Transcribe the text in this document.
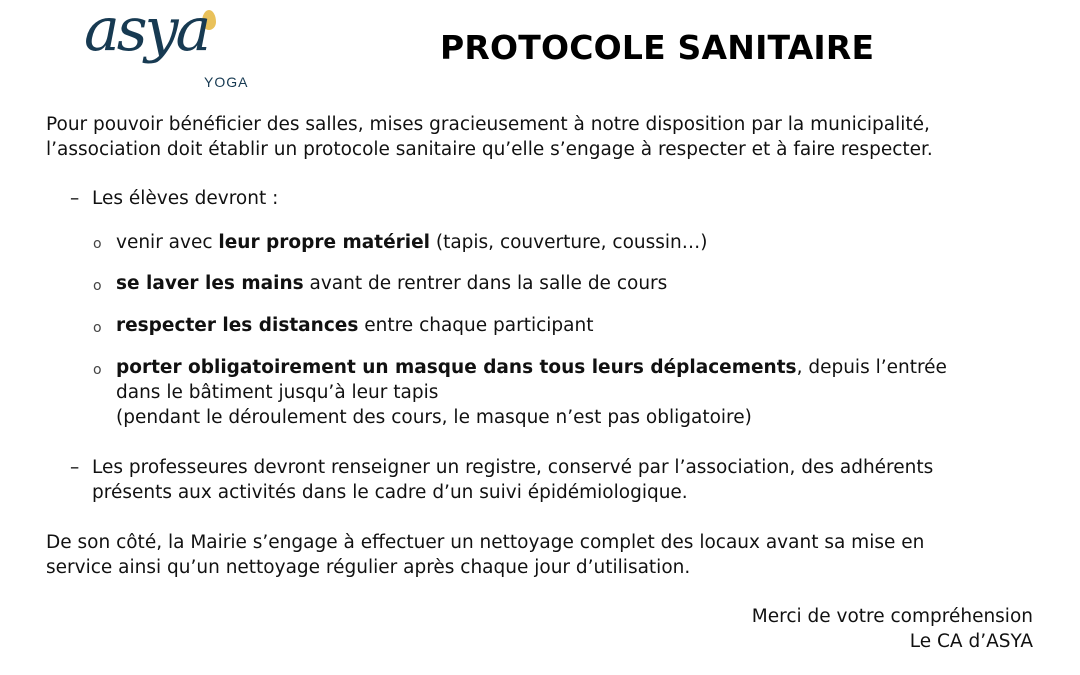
asya
YOGA
PROTOCOLE SANITAIRE
Pour pouvoir bénéficier des salles, mises gracieusement à notre disposition par la municipalité,
l’association doit établir un protocole sanitaire qu’elle s’engage à respecter et à faire respecter.
– Les élèves devront :
o venir avec leur propre matériel (tapis, couverture, coussin…)
o se laver les mains avant de rentrer dans la salle de cours
o respecter les distances entre chaque participant
o porter obligatoirement un masque dans tous leurs déplacements, depuis l’entrée
dans le bâtiment jusqu’à leur tapis
(pendant le déroulement des cours, le masque n’est pas obligatoire)
– Les professeures devront renseigner un registre, conservé par l’association, des adhérents
présents aux activités dans le cadre d’un suivi épidémiologique.
De son côté, la Mairie s’engage à effectuer un nettoyage complet des locaux avant sa mise en
service ainsi qu’un nettoyage régulier après chaque jour d’utilisation.
Merci de votre compréhension
Le CA d’ASYA
